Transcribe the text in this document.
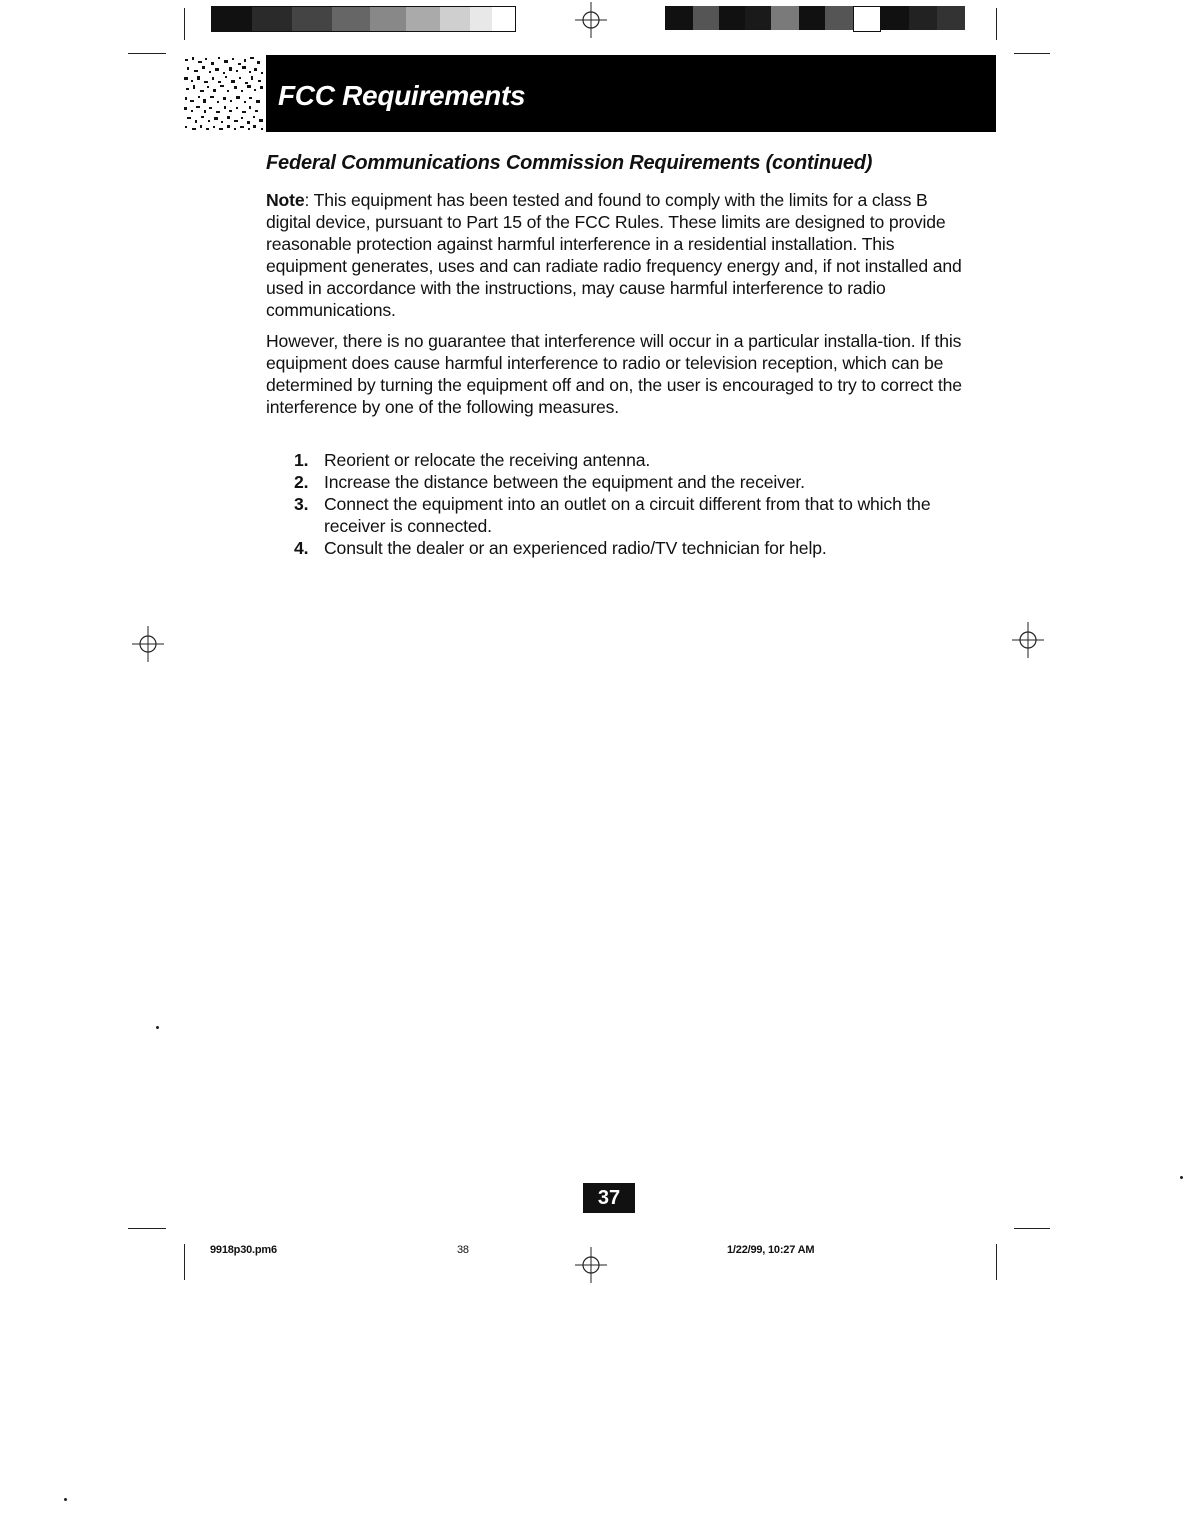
FCC Requirements
Federal Communications Commission Requirements (continued)
Note: This equipment has been tested and found to comply with the limits for a class B digital device, pursuant to Part 15 of the FCC Rules. These limits are designed to provide reasonable protection against harmful interference in a residential installation. This equipment generates, uses and can radiate radio frequency energy and, if not installed and used in accordance with the instructions, may cause harmful interference to radio communications.
However, there is no guarantee that interference will occur in a particular installa-tion. If this equipment does cause harmful interference to radio or television reception, which can be determined by turning the equipment off and on, the user is encouraged to try to correct the interference by one of the following measures.
1. Reorient or relocate the receiving antenna.
2. Increase the distance between the equipment and the receiver.
3. Connect the equipment into an outlet on a circuit different from that to which the receiver is connected.
4. Consult the dealer or an experienced radio/TV technician for help.
37
9918p30.pm6	38	1/22/99, 10:27 AM
